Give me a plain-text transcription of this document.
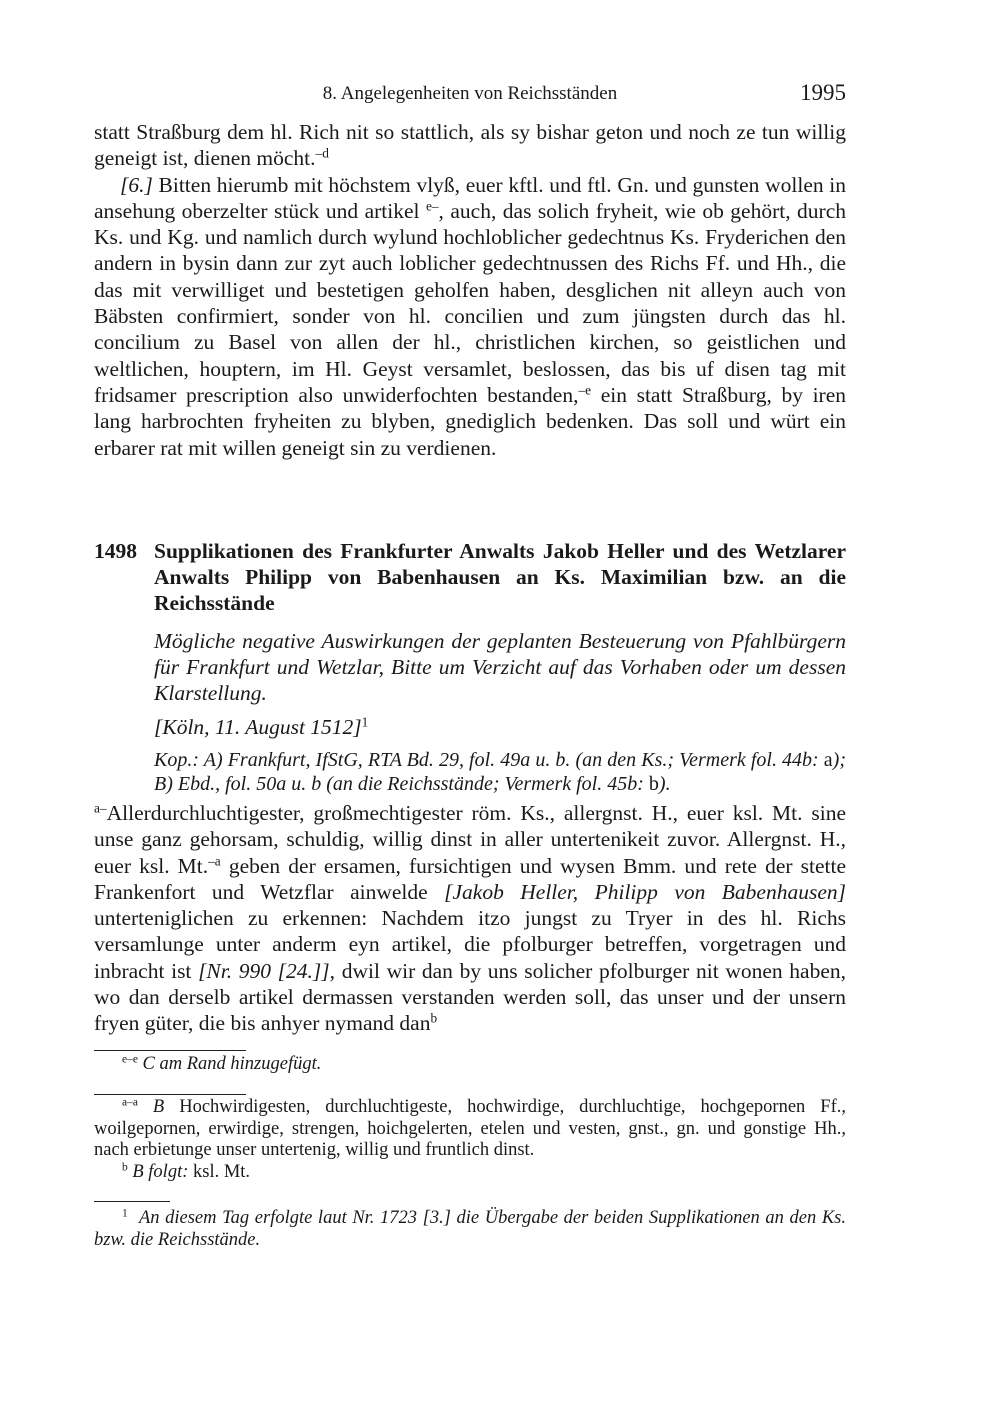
8. Angelegenheiten von Reichsständen	1995

statt Straßburg dem hl. Rich nit so stattlich, als sy bishar geton und noch ze tun willig geneigt ist, dienen möcht.$^{-d}$

[6.] Bitten hierumb mit höchstem vlyß, euer kftl. und ftl. Gn. und gunsten wollen in ansehung oberzelter stück und artikel $^{e-}$, auch, das solich fryheit, wie ob gehört, durch Ks. und Kg. und namlich durch wylund hochloblicher gedechtnus Ks. Fryderichen den andern in bysin dann zur zyt auch loblicher gedechtnussen des Richs Ff. und Hh., die das mit verwilliget und bestetigen geholfen haben, desglichen nit alleyn auch von Bäbsten confirmiert, sonder von hl. concilien und zum jüngsten durch das hl. concilium zu Basel von allen der hl., christlichen kirchen, so geistlichen und weltlichen, houptern, im Hl. Geyst versamlet, beslossen, das bis uf disen tag mit fridsamer prescription also unwiderfochten bestanden,$^{-e}$ ein statt Straßburg, by iren lang harbrochten fryheiten zu blyben, gnediglich bedenken. Das soll und würt ein erbarer rat mit willen geneigt sin zu verdienen.

1498 Supplikationen des Frankfurter Anwalts Jakob Heller und des Wetzlarer Anwalts Philipp von Babenhausen an Ks. Maximilian bzw. an die Reichsstände
Mögliche negative Auswirkungen der geplanten Besteuerung von Pfahlbürgern für Frankfurt und Wetzlar, Bitte um Verzicht auf das Vorhaben oder um dessen Klarstellung.
[Köln, 11. August 1512]$^1$
Kop.: A) Frankfurt, IfStG, RTA Bd. 29, fol. 49a u. b. (an den Ks.; Vermerk fol. 44b: a); B) Ebd., fol. 50a u. b (an die Reichsstände; Vermerk fol. 45b: b).

$^{a-}$Allerdurchluchtigester, großmechtigester röm. Ks., allergnst. H., euer ksl. Mt. sine unse ganz gehorsam, schuldig, willig dinst in aller untertenikeit zuvor. Allergnst. H., euer ksl. Mt.$^{-a}$ geben der ersamen, fursichtigen und wysen Bmm. und rete der stette Frankenfort und Wetzflar ainwelde [Jakob Heller, Philipp von Babenhausen] unterteniglichen zu erkennen: Nachdem itzo jungst zu Tryer in des hl. Richs versamlunge unter anderm eyn artikel, die pfolburger betreffen, vorgetragen und inbracht ist [Nr. 990 [24.]], dwil wir dan by uns solicher pfolburger nit wonen haben, wo dan derselb artikel dermassen verstanden werden soll, das unser und der unsern fryen güter, die bis anhyer nymand dan$^b$

$^{e-e}$ C am Rand hinzugefügt.

$^{a-a}$ B Hochwirdigesten, durchluchtigeste, hochwirdige, durchluchtige, hochgepornen Ff., woilgepornen, erwirdige, strengen, hoichgelerten, etelen und vesten, gnst., gn. und gonstige Hh., nach erbietunge unser untertenig, willig und fruntlich dinst.

$^b$ B folgt: ksl. Mt.

$^1$ An diesem Tag erfolgte laut Nr. 1723 [3.] die Übergabe der beiden Supplikationen an den Ks. bzw. die Reichsstände.
